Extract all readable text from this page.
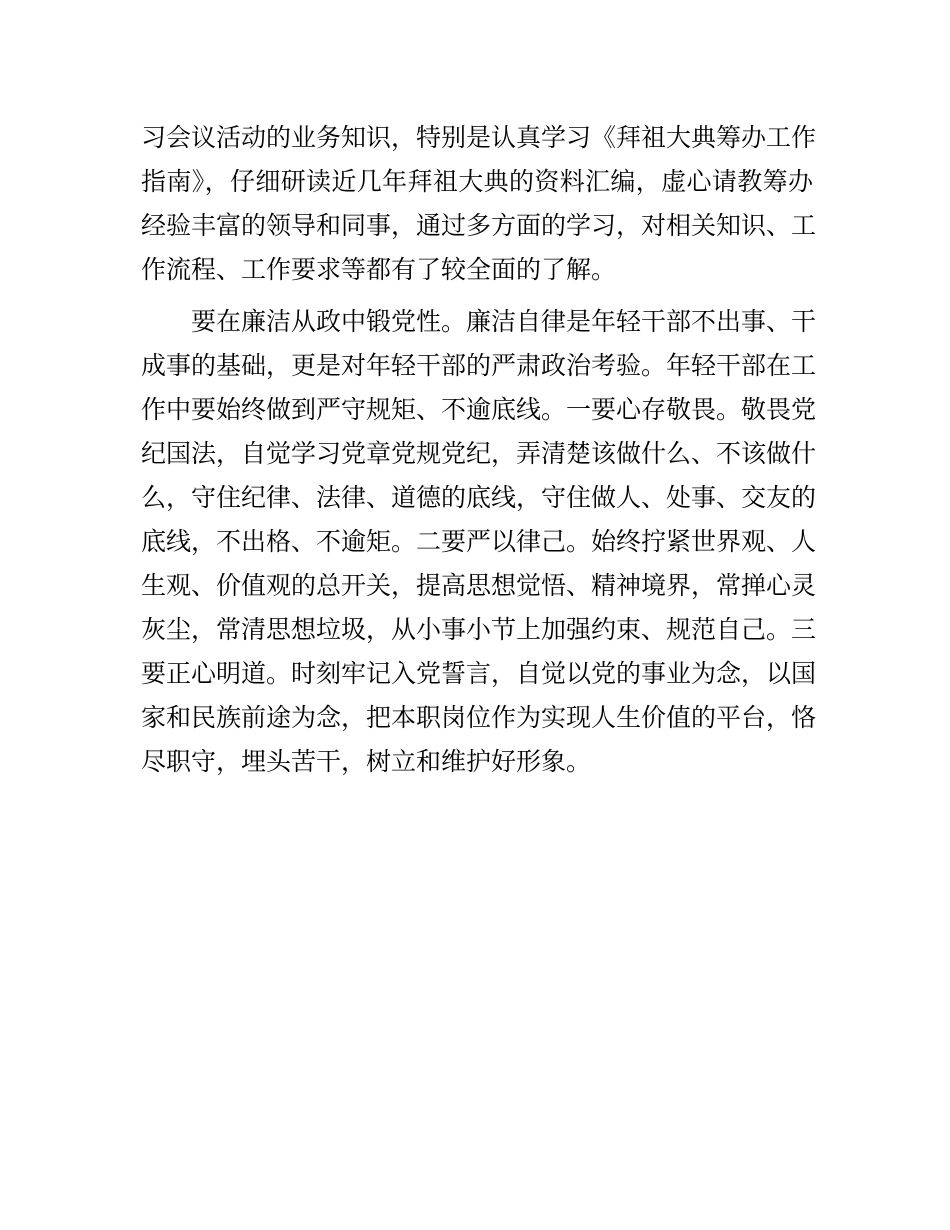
习会议活动的业务知识，特别是认真学习《拜祖大典筹办工作
指南》，仔细研读近几年拜祖大典的资料汇编，虚心请教筹办
经验丰富的领导和同事，通过多方面的学习，对相关知识、工
作流程、工作要求等都有了较全面的了解。
要在廉洁从政中锻党性。廉洁自律是年轻干部不出事、干
成事的基础，更是对年轻干部的严肃政治考验。年轻干部在工
作中要始终做到严守规矩、不逾底线。一要心存敬畏。敬畏党
纪国法，自觉学习党章党规党纪，弄清楚该做什么、不该做什
么，守住纪律、法律、道德的底线，守住做人、处事、交友的
底线，不出格、不逾矩。二要严以律己。始终拧紧世界观、人
生观、价值观的总开关，提高思想觉悟、精神境界，常掸心灵
灰尘，常清思想垃圾，从小事小节上加强约束、规范自己。三
要正心明道。时刻牢记入党誓言，自觉以党的事业为念，以国
家和民族前途为念，把本职岗位作为实现人生价值的平台，恪
尽职守，埋头苦干，树立和维护好形象。
